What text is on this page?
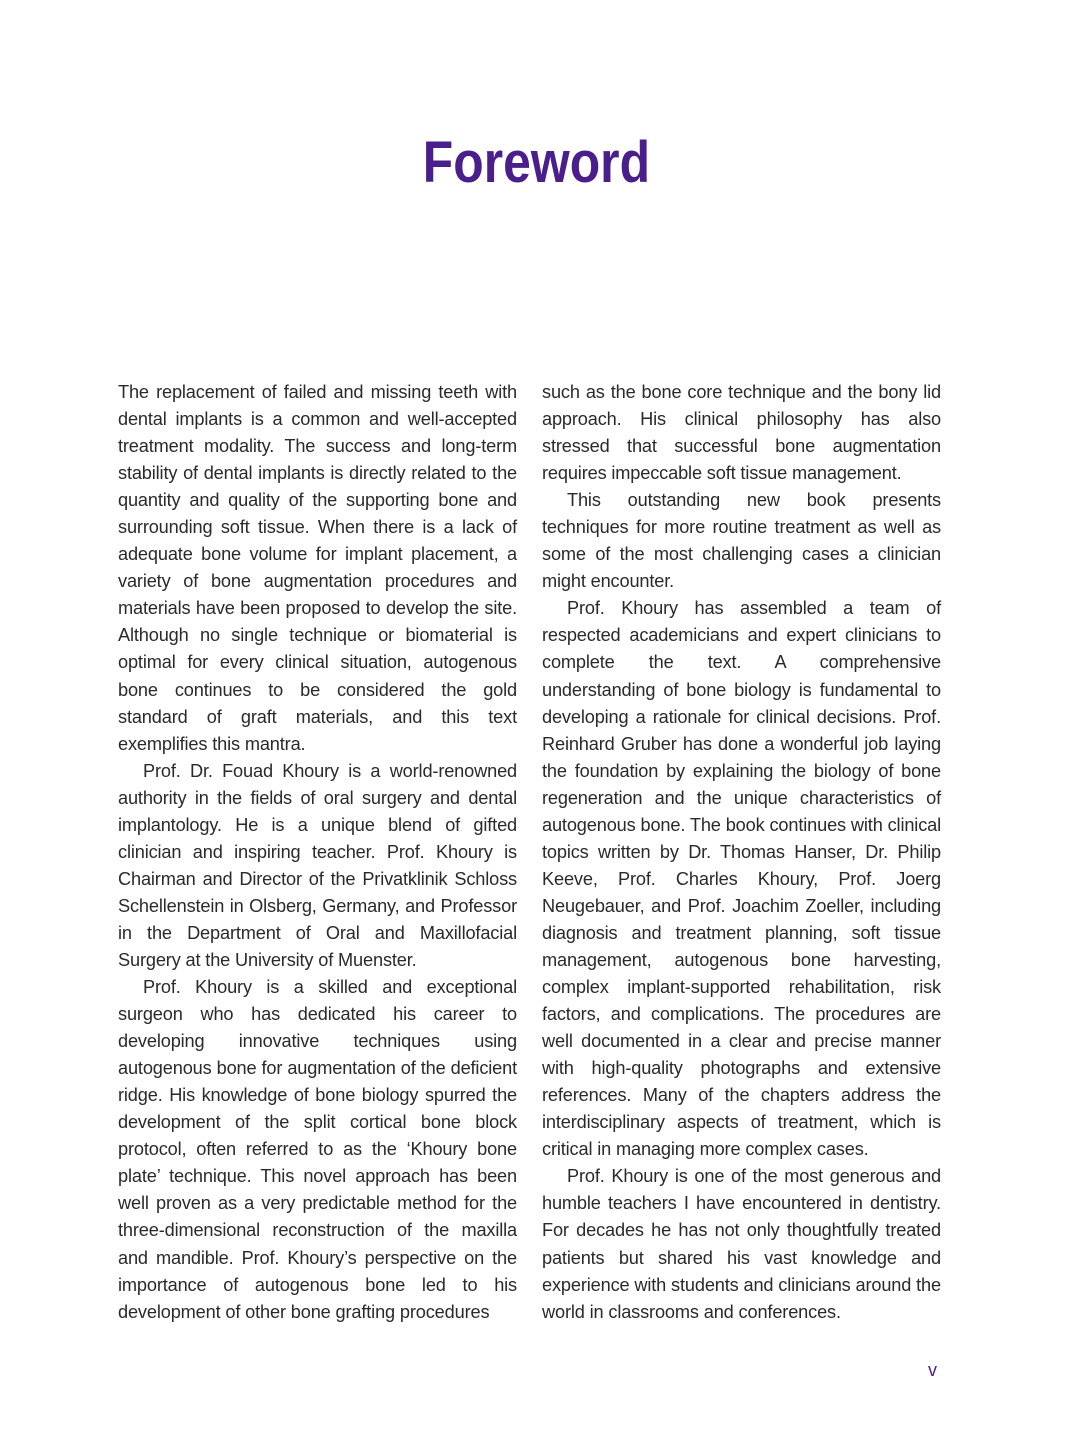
Foreword

The replacement of failed and missing teeth with dental implants is a common and well-accepted treatment modality. The success and long-term stability of dental implants is directly related to the quantity and quality of the supporting bone and surrounding soft tissue. When there is a lack of adequate bone volume for implant placement, a variety of bone augmentation procedures and materials have been proposed to develop the site. Although no single technique or biomaterial is optimal for every clinical situation, autogenous bone continues to be considered the gold standard of graft materials, and this text exemplifies this mantra.

Prof. Dr. Fouad Khoury is a world-renowned authority in the fields of oral surgery and dental implantology. He is a unique blend of gifted clinician and inspiring teacher. Prof. Khoury is Chairman and Director of the Privatklinik Schloss Schellenstein in Olsberg, Germany, and Professor in the Department of Oral and Maxillofacial Surgery at the University of Muenster.

Prof. Khoury is a skilled and exceptional surgeon who has dedicated his career to developing innovative techniques using autogenous bone for augmentation of the deficient ridge. His knowledge of bone biology spurred the development of the split cortical bone block protocol, often referred to as the ‘Khoury bone plate’ technique. This novel approach has been well proven as a very predictable method for the three-dimensional reconstruction of the maxilla and mandible. Prof. Khoury’s perspective on the importance of autogenous bone led to his development of other bone grafting procedures

such as the bone core technique and the bony lid approach. His clinical philosophy has also stressed that successful bone augmentation requires impeccable soft tissue management.

This outstanding new book presents techniques for more routine treatment as well as some of the most challenging cases a clinician might encounter.

Prof. Khoury has assembled a team of respected academicians and expert clinicians to complete the text. A comprehensive understanding of bone biology is fundamental to developing a rationale for clinical decisions. Prof. Reinhard Gruber has done a wonderful job laying the foundation by explaining the biology of bone regeneration and the unique characteristics of autogenous bone. The book continues with clinical topics written by Dr. Thomas Hanser, Dr. Philip Keeve, Prof. Charles Khoury, Prof. Joerg Neugebauer, and Prof. Joachim Zoeller, including diagnosis and treatment planning, soft tissue management, autogenous bone harvesting, complex implant-supported rehabilitation, risk factors, and complications. The procedures are well documented in a clear and precise manner with high-quality photographs and extensive references. Many of the chapters address the interdisciplinary aspects of treatment, which is critical in managing more complex cases.

Prof. Khoury is one of the most generous and humble teachers I have encountered in dentistry. For decades he has not only thoughtfully treated patients but shared his vast knowledge and experience with students and clinicians around the world in classrooms and conferences.

v
